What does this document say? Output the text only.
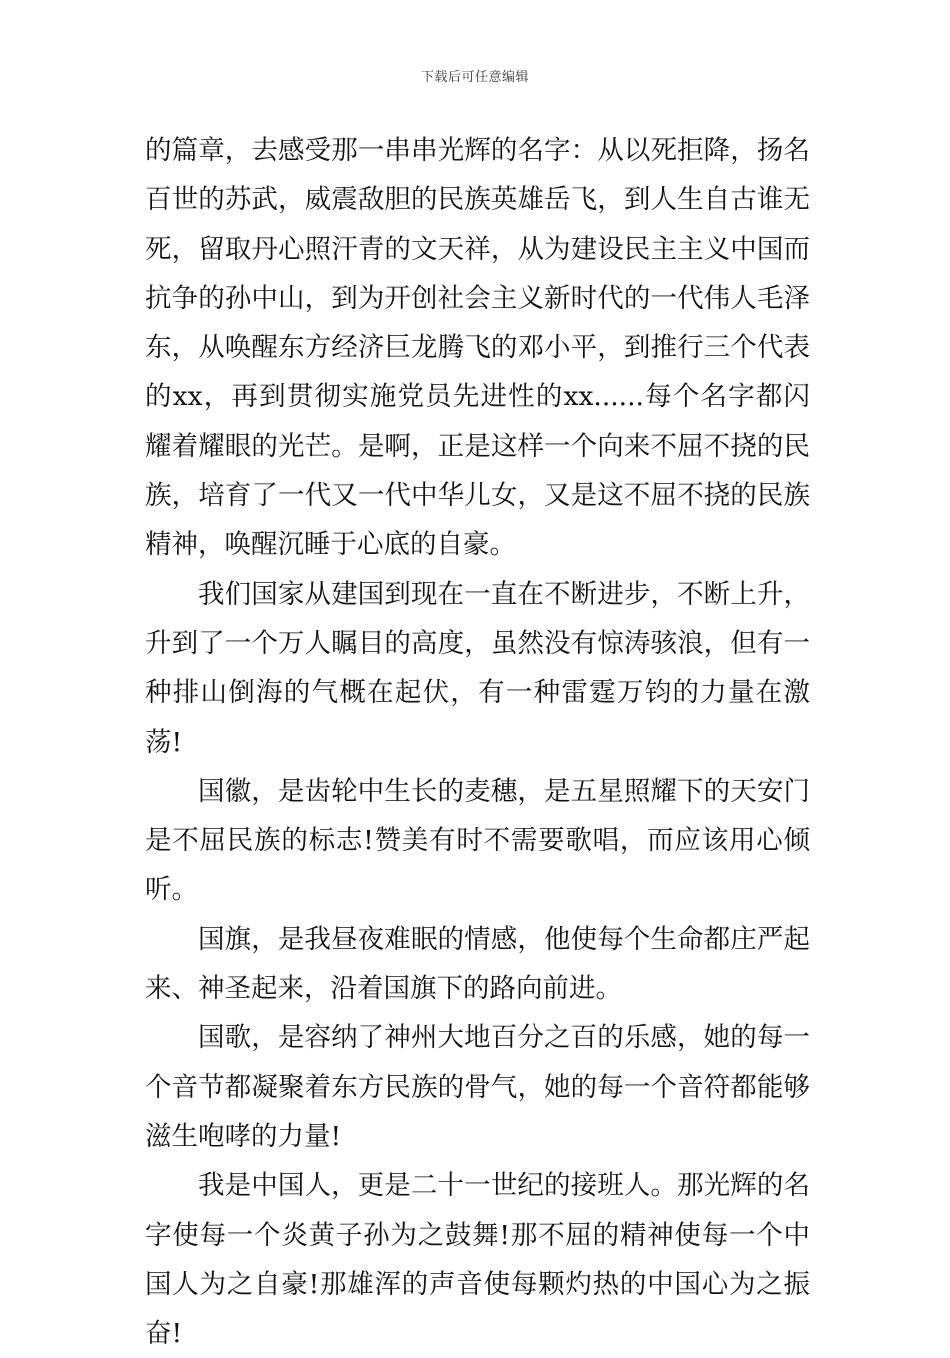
下载后可任意编辑

的篇章，去感受那一串串光辉的名字：从以死拒降，扬名百世的苏武，威震敌胆的民族英雄岳飞，到人生自古谁无死，留取丹心照汗青的文天祥，从为建设民主主义中国而抗争的孙中山，到为开创社会主义新时代的一代伟人毛泽东，从唤醒东方经济巨龙腾飞的邓小平，到推行三个代表的xx，再到贯彻实施党员先进性的xx......每个名字都闪耀着耀眼的光芒。是啊，正是这样一个向来不屈不挠的民族，培育了一代又一代中华儿女，又是这不屈不挠的民族精神，唤醒沉睡于心底的自豪。

我们国家从建国到现在一直在不断进步，不断上升，升到了一个万人瞩目的高度，虽然没有惊涛骇浪，但有一种排山倒海的气概在起伏，有一种雷霆万钧的力量在激荡!

国徽，是齿轮中生长的麦穗，是五星照耀下的天安门是不屈民族的标志!赞美有时不需要歌唱，而应该用心倾听。

国旗，是我昼夜难眠的情感，他使每个生命都庄严起来、神圣起来，沿着国旗下的路向前进。

国歌，是容纳了神州大地百分之百的乐感，她的每一个音节都凝聚着东方民族的骨气，她的每一个音符都能够滋生咆哮的力量!

我是中国人，更是二十一世纪的接班人。那光辉的名字使每一个炎黄子孙为之鼓舞!那不屈的精神使每一个中国人为之自豪!那雄浑的声音使每颗灼热的中国心为之振奋!
